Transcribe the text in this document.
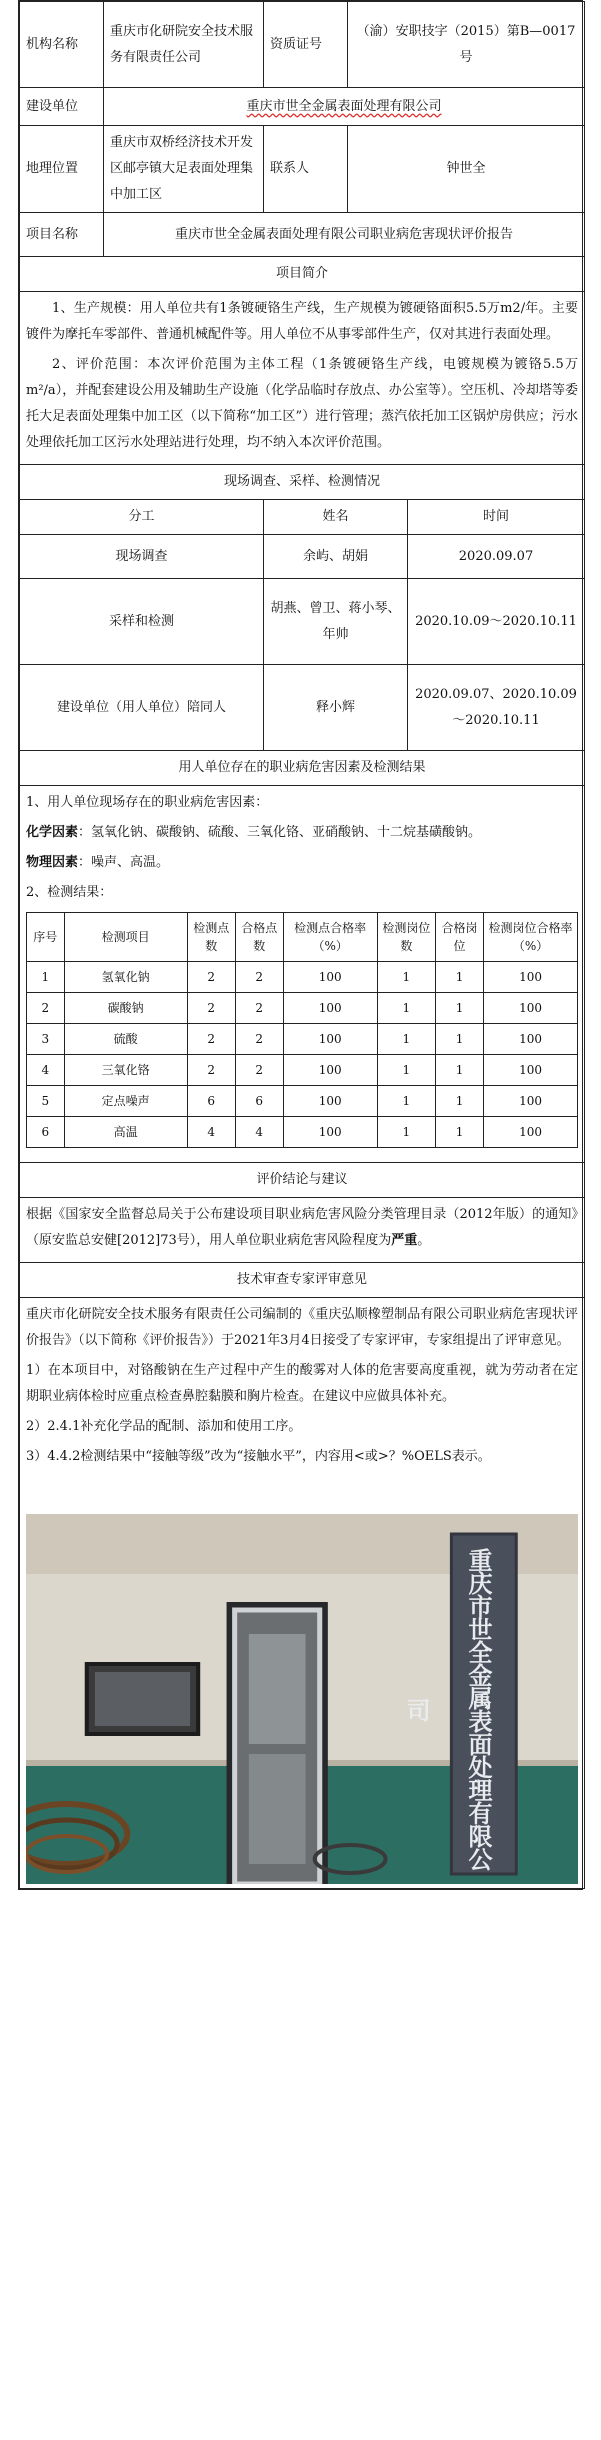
机构名称	重庆市化研院安全技术服务有限责任公司	资质证号	（渝）安职技字（2015）第B—0017号
建设单位	重庆市世全金属表面处理有限公司
地理位置	重庆市双桥经济技术开发区邮亭镇大足表面处理集中加工区	联系人	钟世全
项目名称	重庆市世全金属表面处理有限公司职业病危害现状评价报告
项目简介

1、生产规模：用人单位共有1条镀硬铬生产线，生产规模为镀硬铬面积5.5万m2/年。主要镀件为摩托车零部件、普通机械配件等。用人单位不从事零部件生产，仅对其进行表面处理。

2、评价范围：本次评价范围为主体工程（1条镀硬铬生产线，电镀规模为镀铬5.5万m²/a），并配套建设公用及辅助生产设施（化学品临时存放点、办公室等）。空压机、冷却塔等委托大足表面处理集中加工区（以下简称“加工区”）进行管理；蒸汽依托加工区锅炉房供应；污水处理依托加工区污水处理站进行处理，均不纳入本次评价范围。

现场调查、采样、检测情况
分工	姓名	时间
现场调查	余屿、胡娟	2020.09.07
采样和检测	胡燕、曾卫、蒋小琴、年帅	2020.10.09～2020.10.11
建设单位（用人单位）陪同人	释小辉	2020.09.07、2020.10.09～2020.10.11
用人单位存在的职业病危害因素及检测结果

1、用人单位现场存在的职业病危害因素：

化学因素：氢氧化钠、碳酸钠、硫酸、三氧化铬、亚硝酸钠、十二烷基磺酸钠。

物理因素：噪声、高温。

2、检测结果：

序号	检测项目	检测点数	合格点数	检测点合格率（%）	检测岗位数	合格岗位	检测岗位合格率（%）
1	氢氧化钠	2	2	100	1	1	100
2	碳酸钠	2	2	100	1	1	100
3	硫酸	2	2	100	1	1	100
4	三氧化铬	2	2	100	1	1	100
5	定点噪声	6	6	100	1	1	100
6	高温	4	4	100	1	1	100

评价结论与建议

根据《国家安全监督总局关于公布建设项目职业病危害风险分类管理目录（2012年版）的通知》（原安监总安健[2012]73号），用人单位职业病危害风险程度为严重。

技术审查专家评审意见

重庆市化研院安全技术服务有限责任公司编制的《重庆弘顺橡塑制品有限公司职业病危害现状评价报告》（以下简称《评价报告》）于2021年3月4日接受了专家评审，专家组提出了评审意见。

1）在本项目中，对铬酸钠在生产过程中产生的酸雾对人体的危害要高度重视，就为劳动者在定期职业病体检时应重点检查鼻腔黏膜和胸片检查。在建议中应做具体补充。

2）2.4.1补充化学品的配制、添加和使用工序。

3）4.4.2检测结果中“接触等级”改为“接触水平”，内容用<或>？%OELS表示。

重庆市世全金属表面处理有限公司
